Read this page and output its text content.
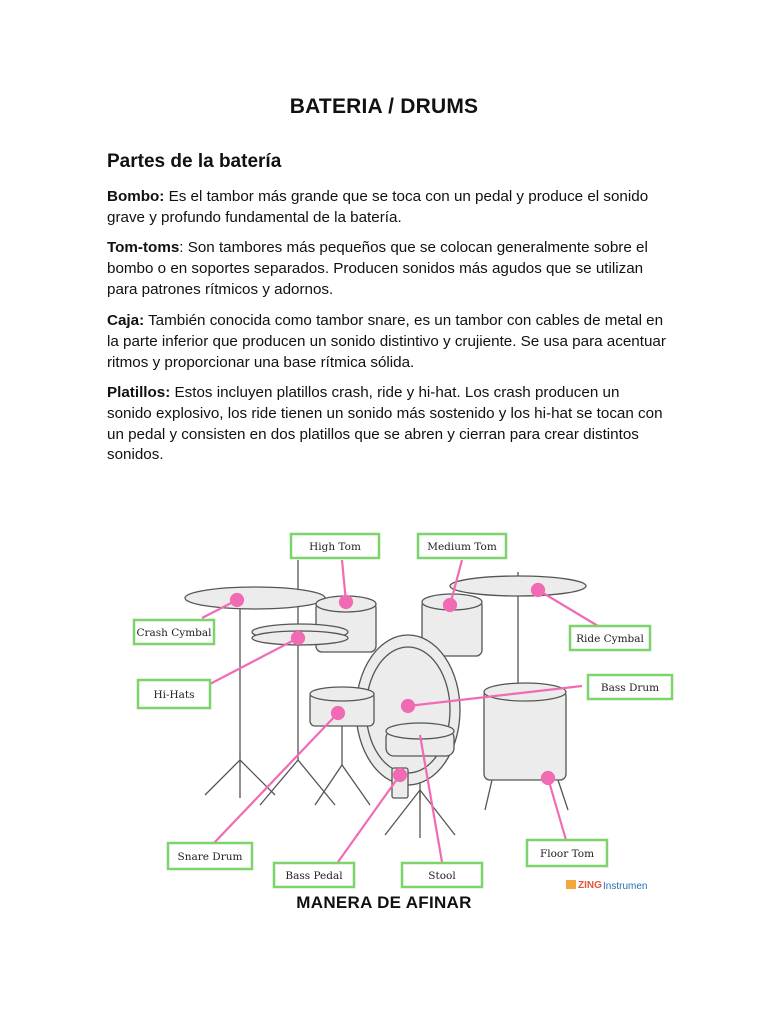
BATERIA / DRUMS
Partes de la batería
Bombo: Es el tambor más grande que se toca con un pedal y produce el sonido grave y profundo fundamental de la batería.
Tom-toms: Son tambores más pequeños que se colocan generalmente sobre el bombo o en soportes separados. Producen sonidos más agudos que se utilizan para patrones rítmicos y adornos.
Caja: También conocida como tambor snare, es un tambor con cables de metal en la parte inferior que producen un sonido distintivo y crujiente. Se usa para acentuar ritmos y proporcionar una base rítmica sólida.
Platillos: Estos incluyen platillos crash, ride y hi-hat. Los crash producen un sonido explosivo, los ride tienen un sonido más sostenido y los hi-hat se tocan con un pedal y consisten en dos platillos que se abren y cierran para crear distintos sonidos.
High Tom	Medium Tom
Crash Cymbal	Ride Cymbal
Hi-Hats
Bass Drum
Snare Drum
Bass Pedal	Stool
Floor Tom
ZING Instrumen
MANERA DE AFINAR
